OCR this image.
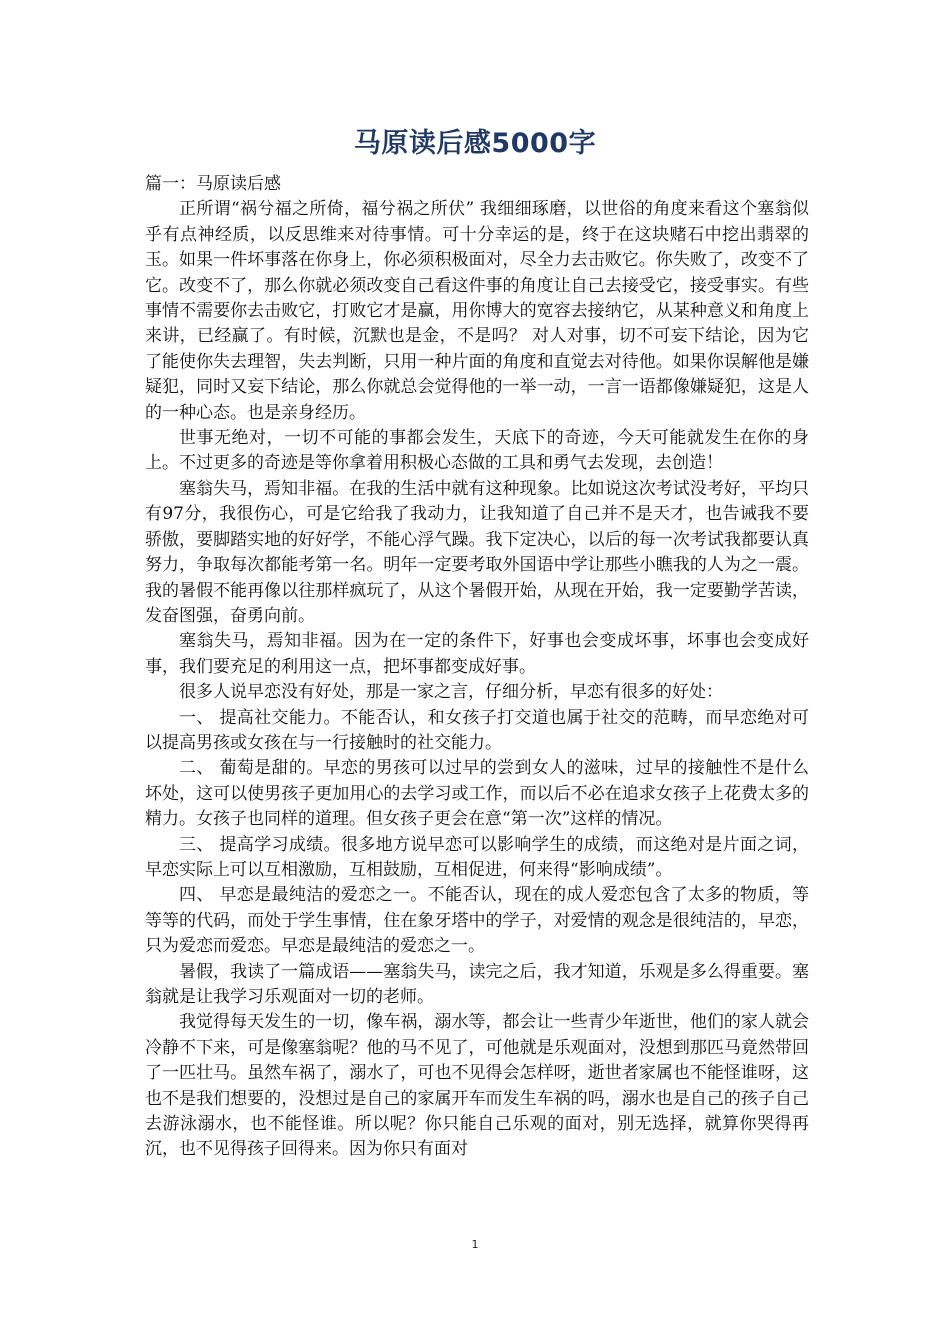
马原读后感5000字

篇一：马原读后感

正所谓“祸兮福之所倚，福兮祸之所伏” 我细细琢磨，以世俗的角度来看这个塞翁似乎有点神经质，以反思维来对待事情。可十分幸运的是，终于在这块赌石中挖出翡翠的玉。如果一件坏事落在你身上，你必须积极面对，尽全力去击败它。你失败了，改变不了它。改变不了，那么你就必须改变自己看这件事的角度让自己去接受它，接受事实。有些事情不需要你去击败它，打败它才是赢，用你博大的宽容去接纳它，从某种意义和角度上来讲，已经赢了。有时候，沉默也是金，不是吗？ 对人对事，切不可妄下结论，因为它了能使你失去理智，失去判断，只用一种片面的角度和直觉去对待他。如果你误解他是嫌疑犯，同时又妄下结论，那么你就总会觉得他的一举一动，一言一语都像嫌疑犯，这是人的一种心态。也是亲身经历。

世事无绝对，一切不可能的事都会发生，天底下的奇迹，今天可能就发生在你的身上。不过更多的奇迹是等你拿着用积极心态做的工具和勇气去发现，去创造！

塞翁失马，焉知非福。在我的生活中就有这种现象。比如说这次考试没考好，平均只有97分，我很伤心，可是它给我了我动力，让我知道了自己并不是天才，也告诫我不要骄傲，要脚踏实地的好好学，不能心浮气躁。我下定决心，以后的每一次考试我都要认真努力，争取每次都能考第一名。明年一定要考取外国语中学让那些小瞧我的人为之一震。我的暑假不能再像以往那样疯玩了，从这个暑假开始，从现在开始，我一定要勤学苦读，发奋图强，奋勇向前。

塞翁失马，焉知非福。因为在一定的条件下，好事也会变成坏事，坏事也会变成好事，我们要充足的利用这一点，把坏事都变成好事。

很多人说早恋没有好处，那是一家之言，仔细分析，早恋有很多的好处：

一、 提高社交能力。不能否认，和女孩子打交道也属于社交的范畴，而早恋绝对可以提高男孩或女孩在与一行接触时的社交能力。

二、 葡萄是甜的。早恋的男孩可以过早的尝到女人的滋味，过早的接触性不是什么坏处，这可以使男孩子更加用心的去学习或工作，而以后不必在追求女孩子上花费太多的精力。女孩子也同样的道理。但女孩子更会在意“第一次”这样的情况。

三、 提高学习成绩。很多地方说早恋可以影响学生的成绩，而这绝对是片面之词，早恋实际上可以互相激励，互相鼓励，互相促进，何来得“影响成绩”。

四、 早恋是最纯洁的爱恋之一。不能否认，现在的成人爱恋包含了太多的物质，等等等的代码，而处于学生事情，住在象牙塔中的学子，对爱情的观念是很纯洁的，早恋，只为爱恋而爱恋。早恋是最纯洁的爱恋之一。

暑假，我读了一篇成语——塞翁失马，读完之后，我才知道，乐观是多么得重要。塞翁就是让我学习乐观面对一切的老师。

我觉得每天发生的一切，像车祸，溺水等，都会让一些青少年逝世，他们的家人就会冷静不下来，可是像塞翁呢？他的马不见了，可他就是乐观面对，没想到那匹马竟然带回了一匹壮马。虽然车祸了，溺水了，可也不见得会怎样呀，逝世者家属也不能怪谁呀，这也不是我们想要的，没想过是自己的家属开车而发生车祸的吗，溺水也是自己的孩子自己去游泳溺水，也不能怪谁。所以呢？你只能自己乐观的面对，别无选择，就算你哭得再沉，也不见得孩子回得来。因为你只有面对

1
